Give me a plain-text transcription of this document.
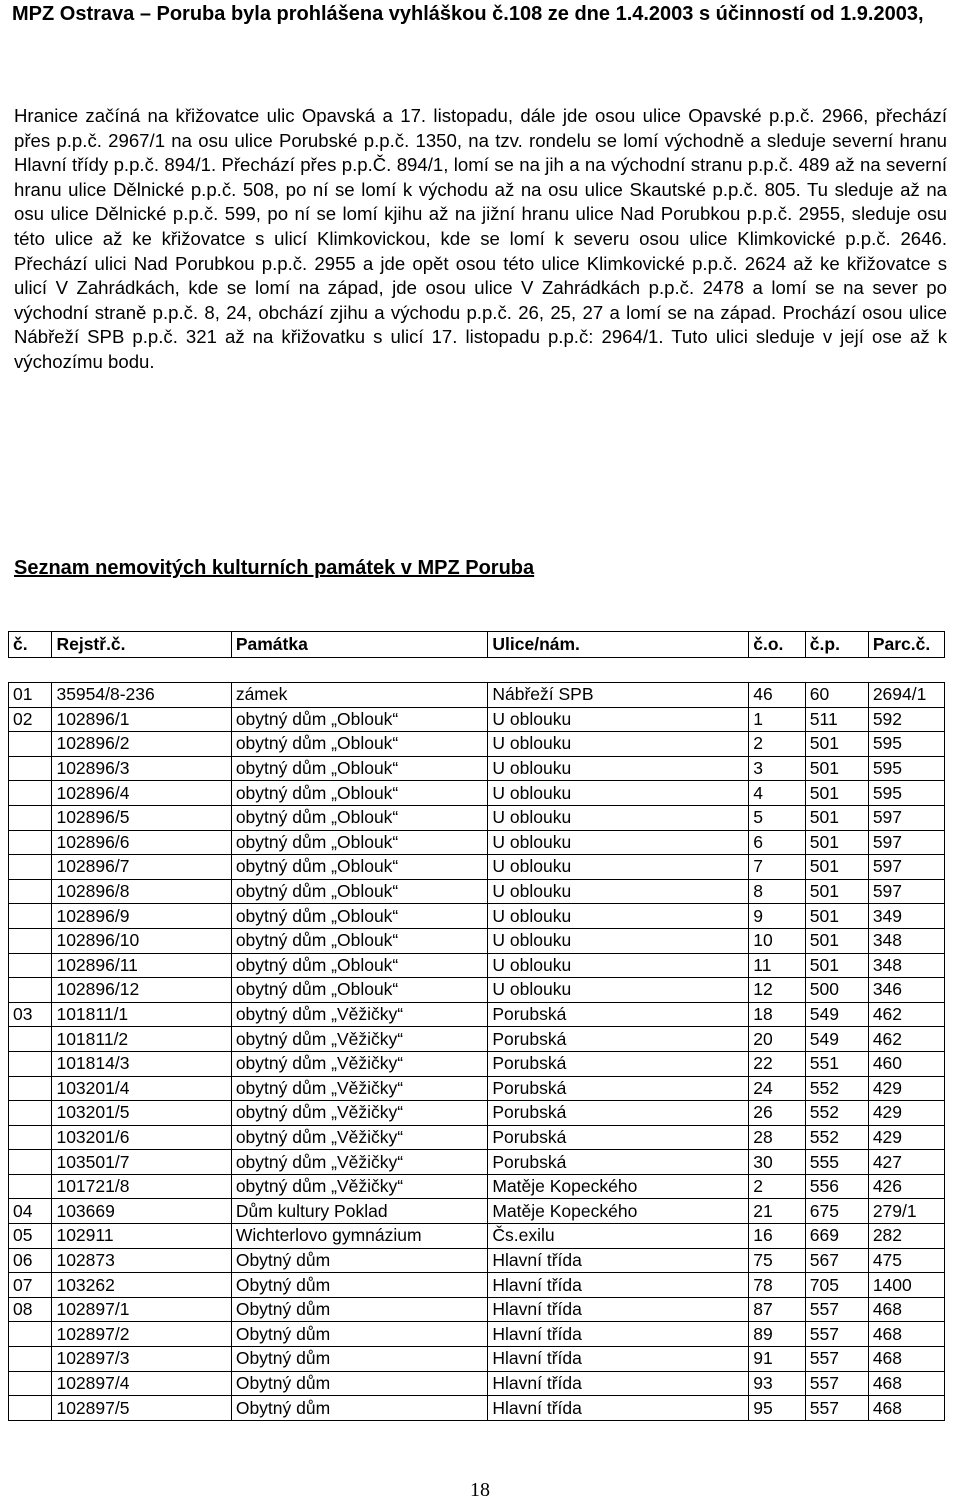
MPZ Ostrava – Poruba byla prohlášena vyhláškou č.108 ze dne 1.4.2003 s účinností od 1.9.2003,
Hranice začíná na křižovatce ulic Opavská a 17. listopadu, dále jde osou ulice Opavské p.p.č. 2966, přechází přes p.p.č. 2967/1 na osu ulice Porubské p.p.č. 1350, na tzv. rondelu se lomí východně a sleduje severní hranu Hlavní třídy p.p.č. 894/1. Přechází přes p.p.Č. 894/1, lomí se na jih a na východní stranu p.p.č. 489 až na severní hranu ulice Dělnické p.p.č. 508, po ní se lomí k východu až na osu ulice Skautské p.p.č. 805. Tu sleduje až na osu ulice Dělnické p.p.č. 599, po ní se lomí kjihu až na jižní hranu ulice Nad Porubkou p.p.č. 2955, sleduje osu této ulice až ke křižovatce s ulicí Klimkovickou, kde se lomí k severu osou ulice Klimkovické p.p.č. 2646. Přechází ulici Nad Porubkou p.p.č. 2955 a jde opět osou této ulice Klimkovické p.p.č. 2624 až ke křižovatce s ulicí V Zahrádkách, kde se lomí na západ, jde osou ulice V Zahrádkách p.p.č. 2478 a lomí se na sever po východní straně p.p.č. 8, 24, obchází zjihu a východu p.p.č. 26, 25, 27 a lomí se na západ. Prochází osou ulice Nábřeží SPB p.p.č. 321 až na křižovatku s ulicí 17. listopadu p.p.č: 2964/1. Tuto ulici sleduje v její ose až k výchozímu bodu.
Seznam nemovitých kulturních památek v MPZ Poruba
č.	Rejstř.č.	Památka	Ulice/nám.	č.o.	č.p.	Parc.č.

01	35954/8-236	zámek	Nábřeží SPB	46	60	2694/1
02	102896/1	obytný dům „Oblouk“	U oblouku	1	511	592
	102896/2	obytný dům „Oblouk“	U oblouku	2	501	595
	102896/3	obytný dům „Oblouk“	U oblouku	3	501	595
	102896/4	obytný dům „Oblouk“	U oblouku	4	501	595
	102896/5	obytný dům „Oblouk“	U oblouku	5	501	597
	102896/6	obytný dům „Oblouk“	U oblouku	6	501	597
	102896/7	obytný dům „Oblouk“	U oblouku	7	501	597
	102896/8	obytný dům „Oblouk“	U oblouku	8	501	597
	102896/9	obytný dům „Oblouk“	U oblouku	9	501	349
	102896/10	obytný dům „Oblouk“	U oblouku	10	501	348
	102896/11	obytný dům „Oblouk“	U oblouku	11	501	348
	102896/12	obytný dům „Oblouk“	U oblouku	12	500	346
03	101811/1	obytný dům „Věžičky“	Porubská	18	549	462
	101811/2	obytný dům „Věžičky“	Porubská	20	549	462
	101814/3	obytný dům „Věžičky“	Porubská	22	551	460
	103201/4	obytný dům „Věžičky“	Porubská	24	552	429
	103201/5	obytný dům „Věžičky“	Porubská	26	552	429
	103201/6	obytný dům „Věžičky“	Porubská	28	552	429
	103501/7	obytný dům „Věžičky“	Porubská	30	555	427
	101721/8	obytný dům „Věžičky“	Matěje Kopeckého	2	556	426
04	103669	Dům kultury Poklad	Matěje Kopeckého	21	675	279/1
05	102911	Wichterlovo gymnázium	Čs.exilu	16	669	282
06	102873	Obytný dům	Hlavní třída	75	567	475
07	103262	Obytný dům	Hlavní třída	78	705	1400
08	102897/1	Obytný dům	Hlavní třída	87	557	468
	102897/2	Obytný dům	Hlavní třída	89	557	468
	102897/3	Obytný dům	Hlavní třída	91	557	468
	102897/4	Obytný dům	Hlavní třída	93	557	468
	102897/5	Obytný dům	Hlavní třída	95	557	468
18
